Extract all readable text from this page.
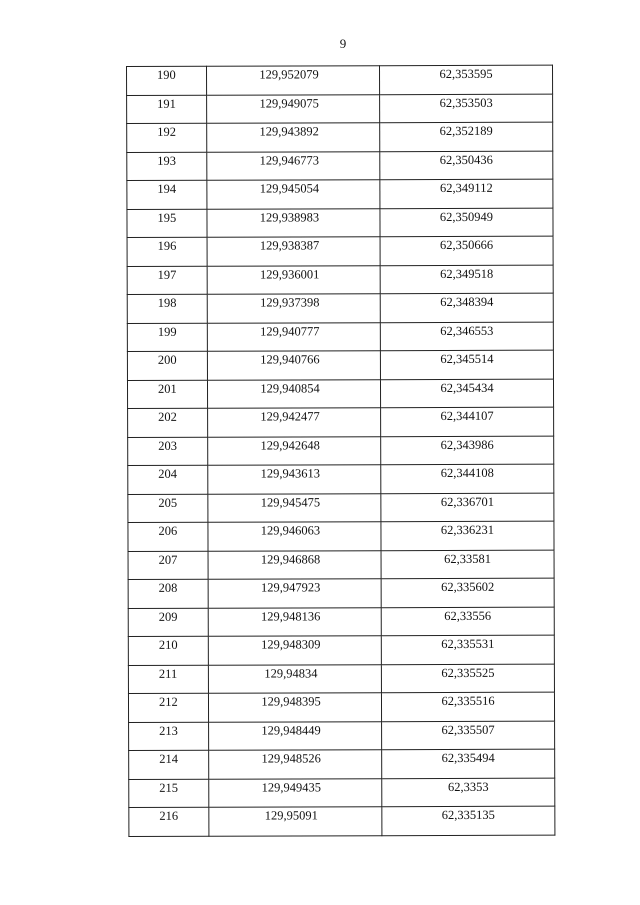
9
190	129,952079	62,353595

191	129,949075	62,353503

192	129,943892	62,352189

193	129,946773	62,350436

194	129,945054	62,349112

195	129,938983	62,350949

196	129,938387	62,350666

197	129,936001	62,349518

198	129,937398	62,348394

199	129,940777	62,346553

200	129,940766	62,345514

201	129,940854	62,345434

202	129,942477	62,344107

203	129,942648	62,343986

204	129,943613	62,344108

205	129,945475	62,336701

206	129,946063	62,336231

207	129,946868	62,33581

208	129,947923	62,335602

209	129,948136	62,33556

210	129,948309	62,335531

211	129,94834	62,335525

212	129,948395	62,335516

213	129,948449	62,335507

214	129,948526	62,335494

215	129,949435	62,3353

216	129,95091	62,335135
